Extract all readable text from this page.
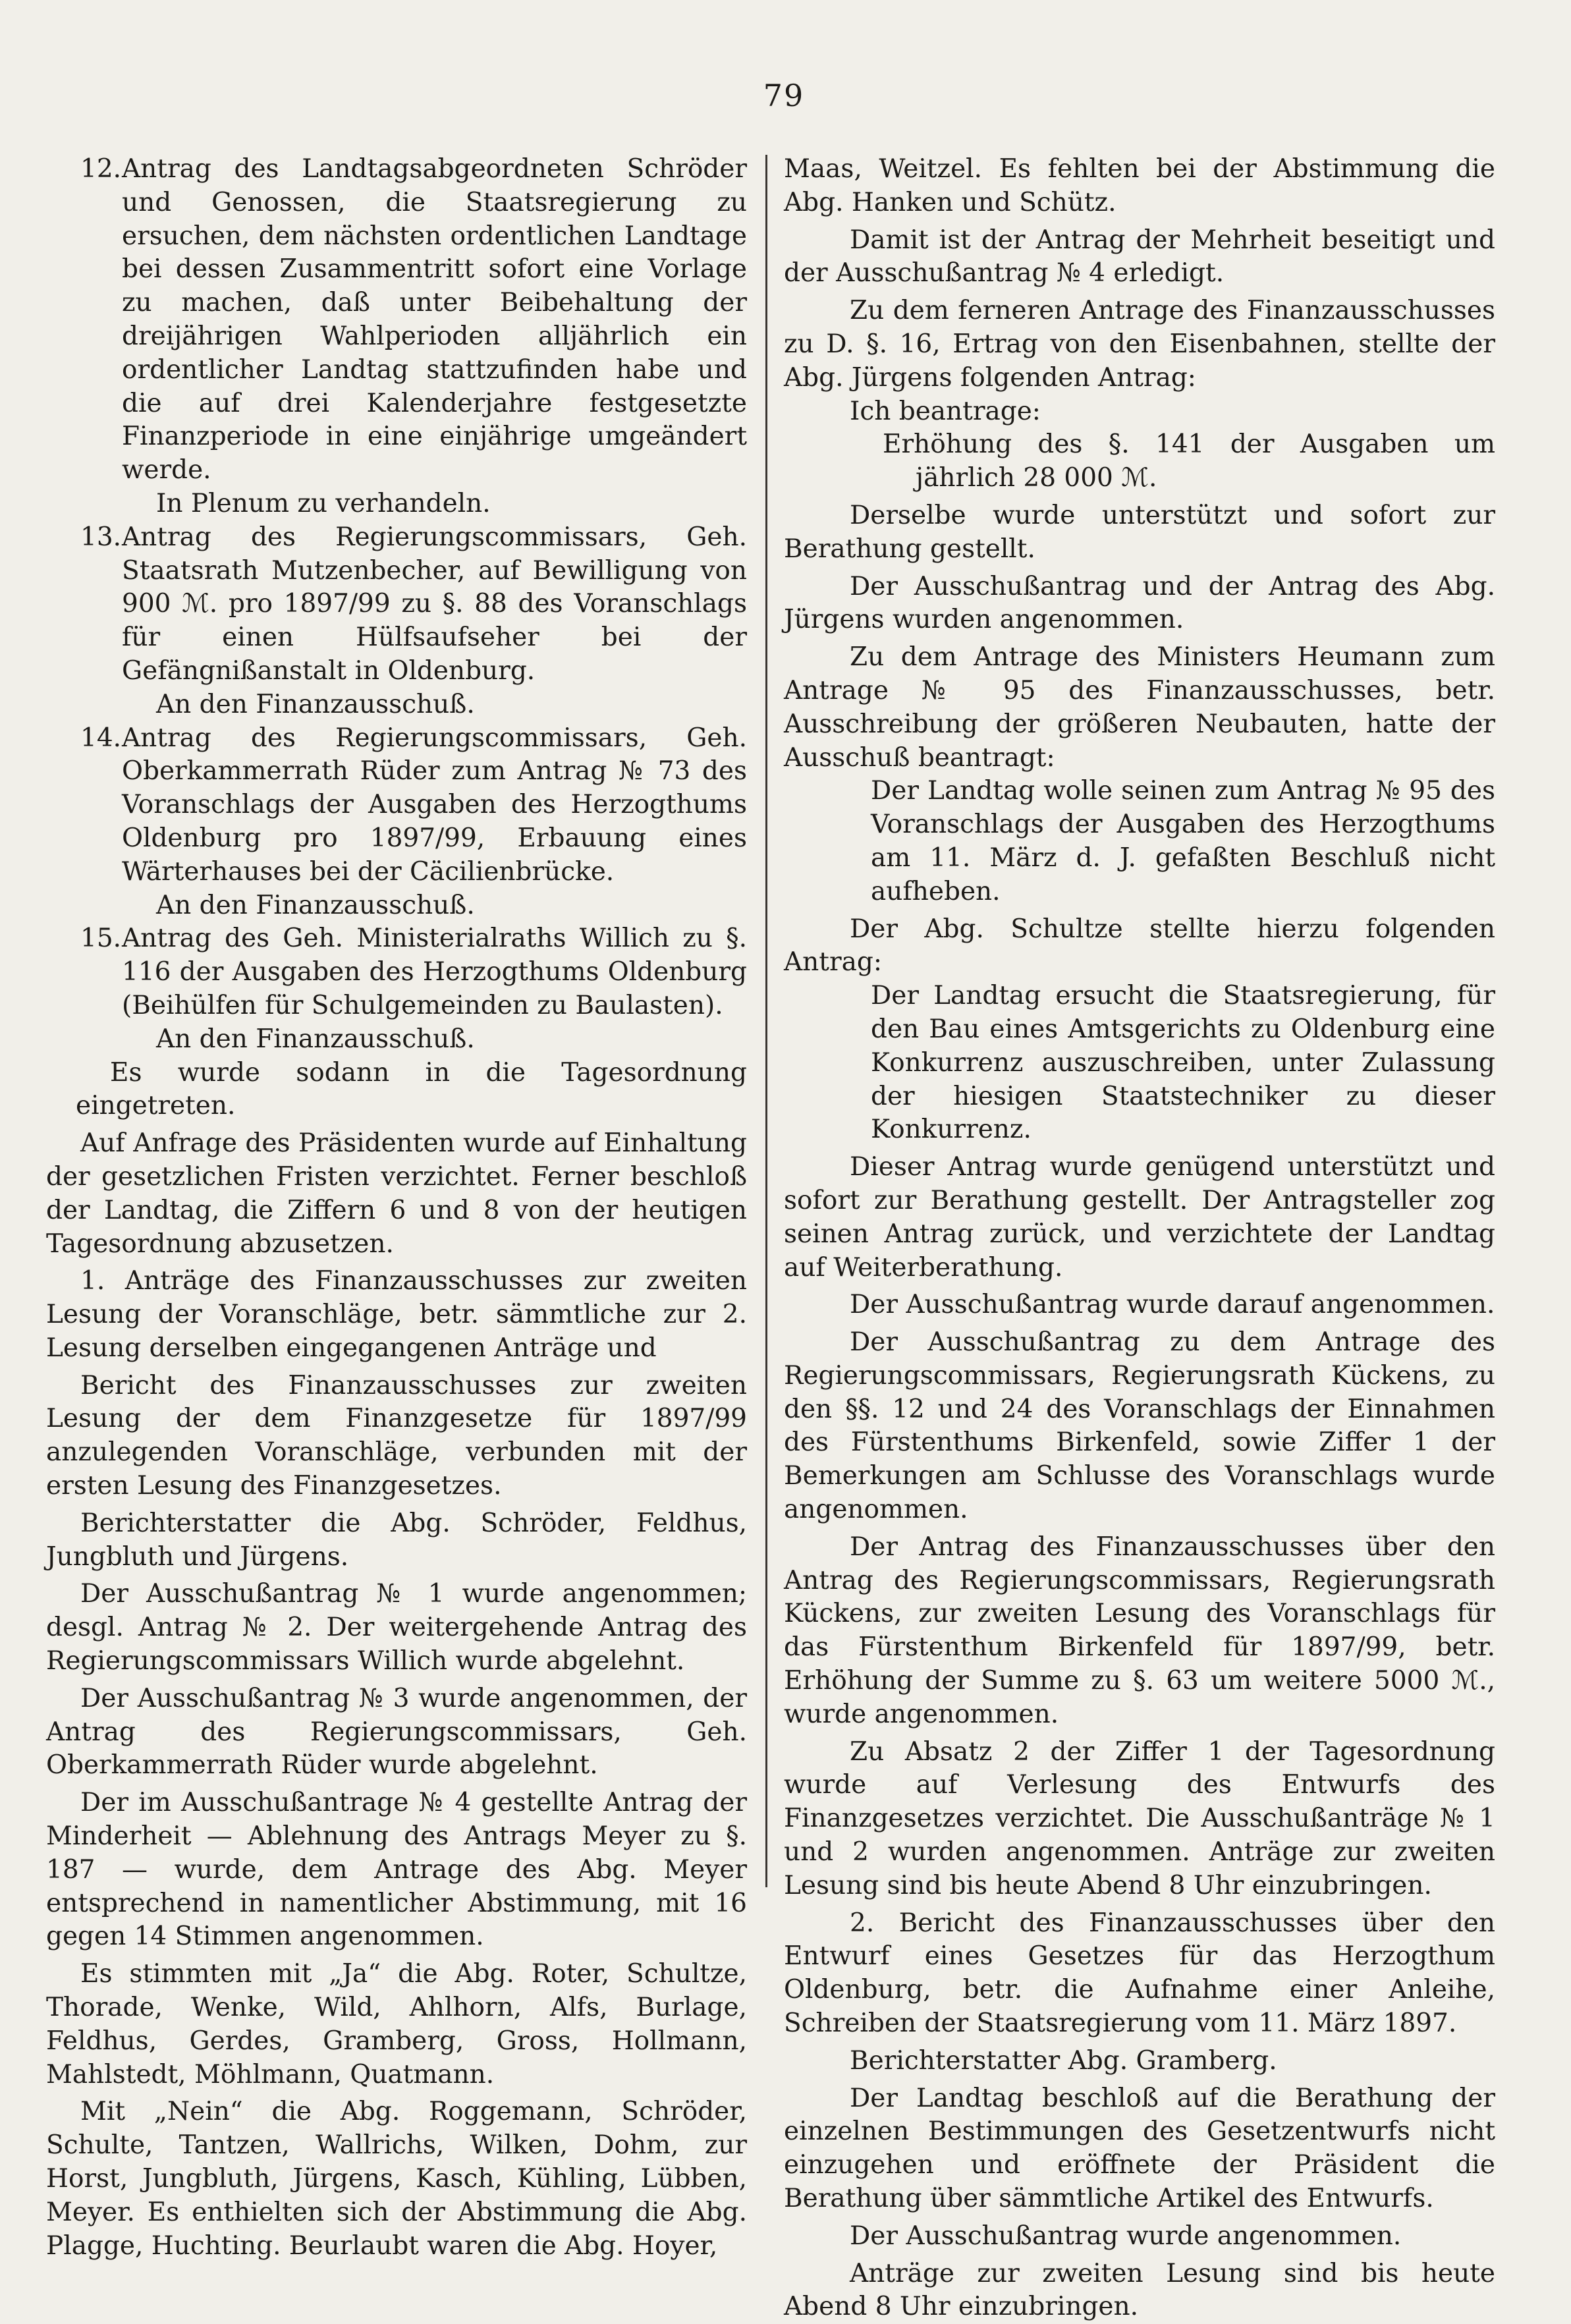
79
12. Antrag des Landtagsabgeordneten Schröder und Genossen, die Staatsregierung zu ersuchen, dem nächsten ordentlichen Landtage bei dessen Zusammentritt sofort eine Vorlage zu machen, daß unter Beibehaltung der dreijährigen Wahlperioden alljährlich ein ordentlicher Landtag stattzufinden habe und die auf drei Kalenderjahre festgesetzte Finanzperiode in eine einjährige umgeändert werde.
In Plenum zu verhandeln.
13. Antrag des Regierungscommissars, Geh. Staatsrath Mutzenbecher, auf Bewilligung von 900 ℳ. pro 1897/99 zu §. 88 des Voranschlags für einen Hülfsaufseher bei der Gefängnißanstalt in Oldenburg.
An den Finanzausschuß.
14. Antrag des Regierungscommissars, Geh. Oberkammerrath Rüder zum Antrag № 73 des Voranschlags der Ausgaben des Herzogthums Oldenburg pro 1897/99, Erbauung eines Wärterhauses bei der Cäcilienbrücke.
An den Finanzausschuß.
15. Antrag des Geh. Ministerialraths Willich zu §. 116 der Ausgaben des Herzogthums Oldenburg (Beihülfen für Schulgemeinden zu Baulasten).
An den Finanzausschuß.

Es wurde sodann in die Tagesordnung eingetreten.

Auf Anfrage des Präsidenten wurde auf Einhaltung der gesetzlichen Fristen verzichtet. Ferner beschloß der Landtag, die Ziffern 6 und 8 von der heutigen Tagesordnung abzusetzen.

1. Anträge des Finanzausschusses zur zweiten Lesung der Voranschläge, betr. sämmtliche zur 2. Lesung derselben eingegangenen Anträge und

Bericht des Finanzausschusses zur zweiten Lesung der dem Finanzgesetze für 1897/99 anzulegenden Voranschläge, verbunden mit der ersten Lesung des Finanzgesetzes.

Berichterstatter die Abg. Schröder, Feldhus, Jungbluth und Jürgens.

Der Ausschußantrag № 1 wurde angenommen; desgl. Antrag № 2. Der weitergehende Antrag des Regierungscommissars Willich wurde abgelehnt.

Der Ausschußantrag № 3 wurde angenommen, der Antrag des Regierungscommissars, Geh. Oberkammerrath Rüder wurde abgelehnt.

Der im Ausschußantrage № 4 gestellte Antrag der Minderheit — Ablehnung des Antrags Meyer zu §. 187 — wurde, dem Antrage des Abg. Meyer entsprechend in namentlicher Abstimmung, mit 16 gegen 14 Stimmen angenommen.

Es stimmten mit „Ja“ die Abg. Roter, Schultze, Thorade, Wenke, Wild, Ahlhorn, Alfs, Burlage, Feldhus, Gerdes, Gramberg, Gross, Hollmann, Mahlstedt, Möhlmann, Quatmann.

Mit „Nein“ die Abg. Roggemann, Schröder, Schulte, Tantzen, Wallrichs, Wilken, Dohm, zur Horst, Jungbluth, Jürgens, Kasch, Kühling, Lübben, Meyer. Es enthielten sich der Abstimmung die Abg. Plagge, Huchting. Beurlaubt waren die Abg. Hoyer,

Maas, Weitzel. Es fehlten bei der Abstimmung die Abg. Hanken und Schütz.

Damit ist der Antrag der Mehrheit beseitigt und der Ausschußantrag № 4 erledigt.

Zu dem ferneren Antrage des Finanzausschusses zu D. §. 16, Ertrag von den Eisenbahnen, stellte der Abg. Jürgens folgenden Antrag:

Ich beantrage:

Erhöhung des §. 141 der Ausgaben um jährlich 28 000 ℳ.

Derselbe wurde unterstützt und sofort zur Berathung gestellt.

Der Ausschußantrag und der Antrag des Abg. Jürgens wurden angenommen.

Zu dem Antrage des Ministers Heumann zum Antrage № 95 des Finanzausschusses, betr. Ausschreibung der größeren Neubauten, hatte der Ausschuß beantragt:

Der Landtag wolle seinen zum Antrag № 95 des Voranschlags der Ausgaben des Herzogthums am 11. März d. J. gefaßten Beschluß nicht aufheben.

Der Abg. Schultze stellte hierzu folgenden Antrag:

Der Landtag ersucht die Staatsregierung, für den Bau eines Amtsgerichts zu Oldenburg eine Konkurrenz auszuschreiben, unter Zulassung der hiesigen Staatstechniker zu dieser Konkurrenz.

Dieser Antrag wurde genügend unterstützt und sofort zur Berathung gestellt. Der Antragsteller zog seinen Antrag zurück, und verzichtete der Landtag auf Weiterberathung.

Der Ausschußantrag wurde darauf angenommen.

Der Ausschußantrag zu dem Antrage des Regierungscommissars, Regierungsrath Kückens, zu den §§. 12 und 24 des Voranschlags der Einnahmen des Fürstenthums Birkenfeld, sowie Ziffer 1 der Bemerkungen am Schlusse des Voranschlags wurde angenommen.

Der Antrag des Finanzausschusses über den Antrag des Regierungscommissars, Regierungsrath Kückens, zur zweiten Lesung des Voranschlags für das Fürstenthum Birkenfeld für 1897/99, betr. Erhöhung der Summe zu §. 63 um weitere 5000 ℳ., wurde angenommen.

Zu Absatz 2 der Ziffer 1 der Tagesordnung wurde auf Verlesung des Entwurfs des Finanzgesetzes verzichtet. Die Ausschußanträge № 1 und 2 wurden angenommen. Anträge zur zweiten Lesung sind bis heute Abend 8 Uhr einzubringen.

2. Bericht des Finanzausschusses über den Entwurf eines Gesetzes für das Herzogthum Oldenburg, betr. die Aufnahme einer Anleihe, Schreiben der Staatsregierung vom 11. März 1897.

Berichterstatter Abg. Gramberg.

Der Landtag beschloß auf die Berathung der einzelnen Bestimmungen des Gesetzentwurfs nicht einzugehen und eröffnete der Präsident die Berathung über sämmtliche Artikel des Entwurfs.

Der Ausschußantrag wurde angenommen.

Anträge zur zweiten Lesung sind bis heute Abend 8 Uhr einzubringen.
